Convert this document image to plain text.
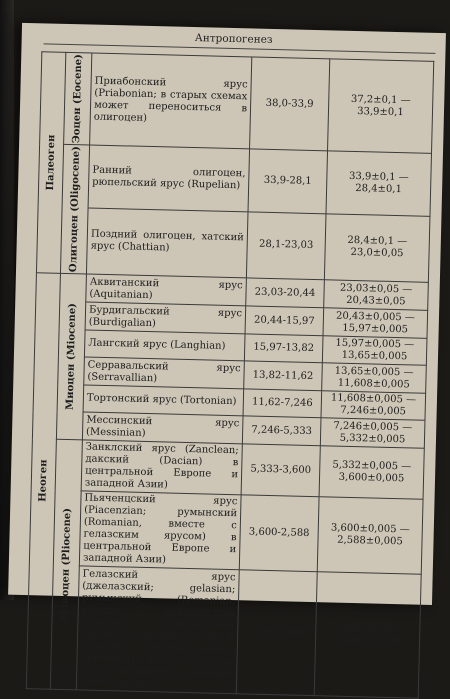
Антропогенез
Палеоген	Эоцен (Eocene)	Приабонский ярус (Priabonian; в старых схемах может переноситься в олигоцен)	38,0-33,9	37,2±0,1 — 33,9±0,1

	Олигоцен (Oligocene)	Ранний олигоцен, рюпельский ярус (Rupelian)	33,9-28,1	33,9±0,1 — 28,4±0,1
		Поздний олигоцен, хатский ярус (Chattian)	28,1-23,03	28,4±0,1 — 23,0±0,05

Неоген	Миоцен (Miocene)	Аквитанский ярус (Aquitanian)	23,03-20,44	23,03±0,05 — 20,43±0,05
		Бурдигальский ярус (Burdigalian)	20,44-15,97	20,43±0,005 — 15,97±0,005
		Лангский ярус (Langhian)	15,97-13,82	15,97±0,005 — 13,65±0,005
		Серравальский ярус (Serravallian)	13,82-11,62	13,65±0,005 — 11,608±0,005
		Тортонский ярус (Tortonian)	11,62-7,246	11,608±0,005 — 7,246±0,005
		Мессинский ярус (Messinian)	7,246-5,333	7,246±0,005 — 5,332±0,005

	Плиоцен (Pliocene)	Занклский ярус (Zanclean; дакский (Dacian) в центральной Европе и западной Азии)	5,333-3,600	5,332±0,005 — 3,600±0,005
		Пьяченцский ярус (Piacenzian; румынский (Romanian, вместе с гелазским ярусом) в центральной Европе и западной Азии)	3,600-2,588	3,600±0,005 — 2,588±0,005
		Гелазский ярус (джелазский; gelasian; румынский (Romanian, вместе с пьяченцским ярусом) в Центральной Европе и Западной Азии; в западных схемах может переноситься в плейстоцен, тогда называется нижним плейстоценом)	2,588-1,806	2,588±0,005 –1,806±0,005
